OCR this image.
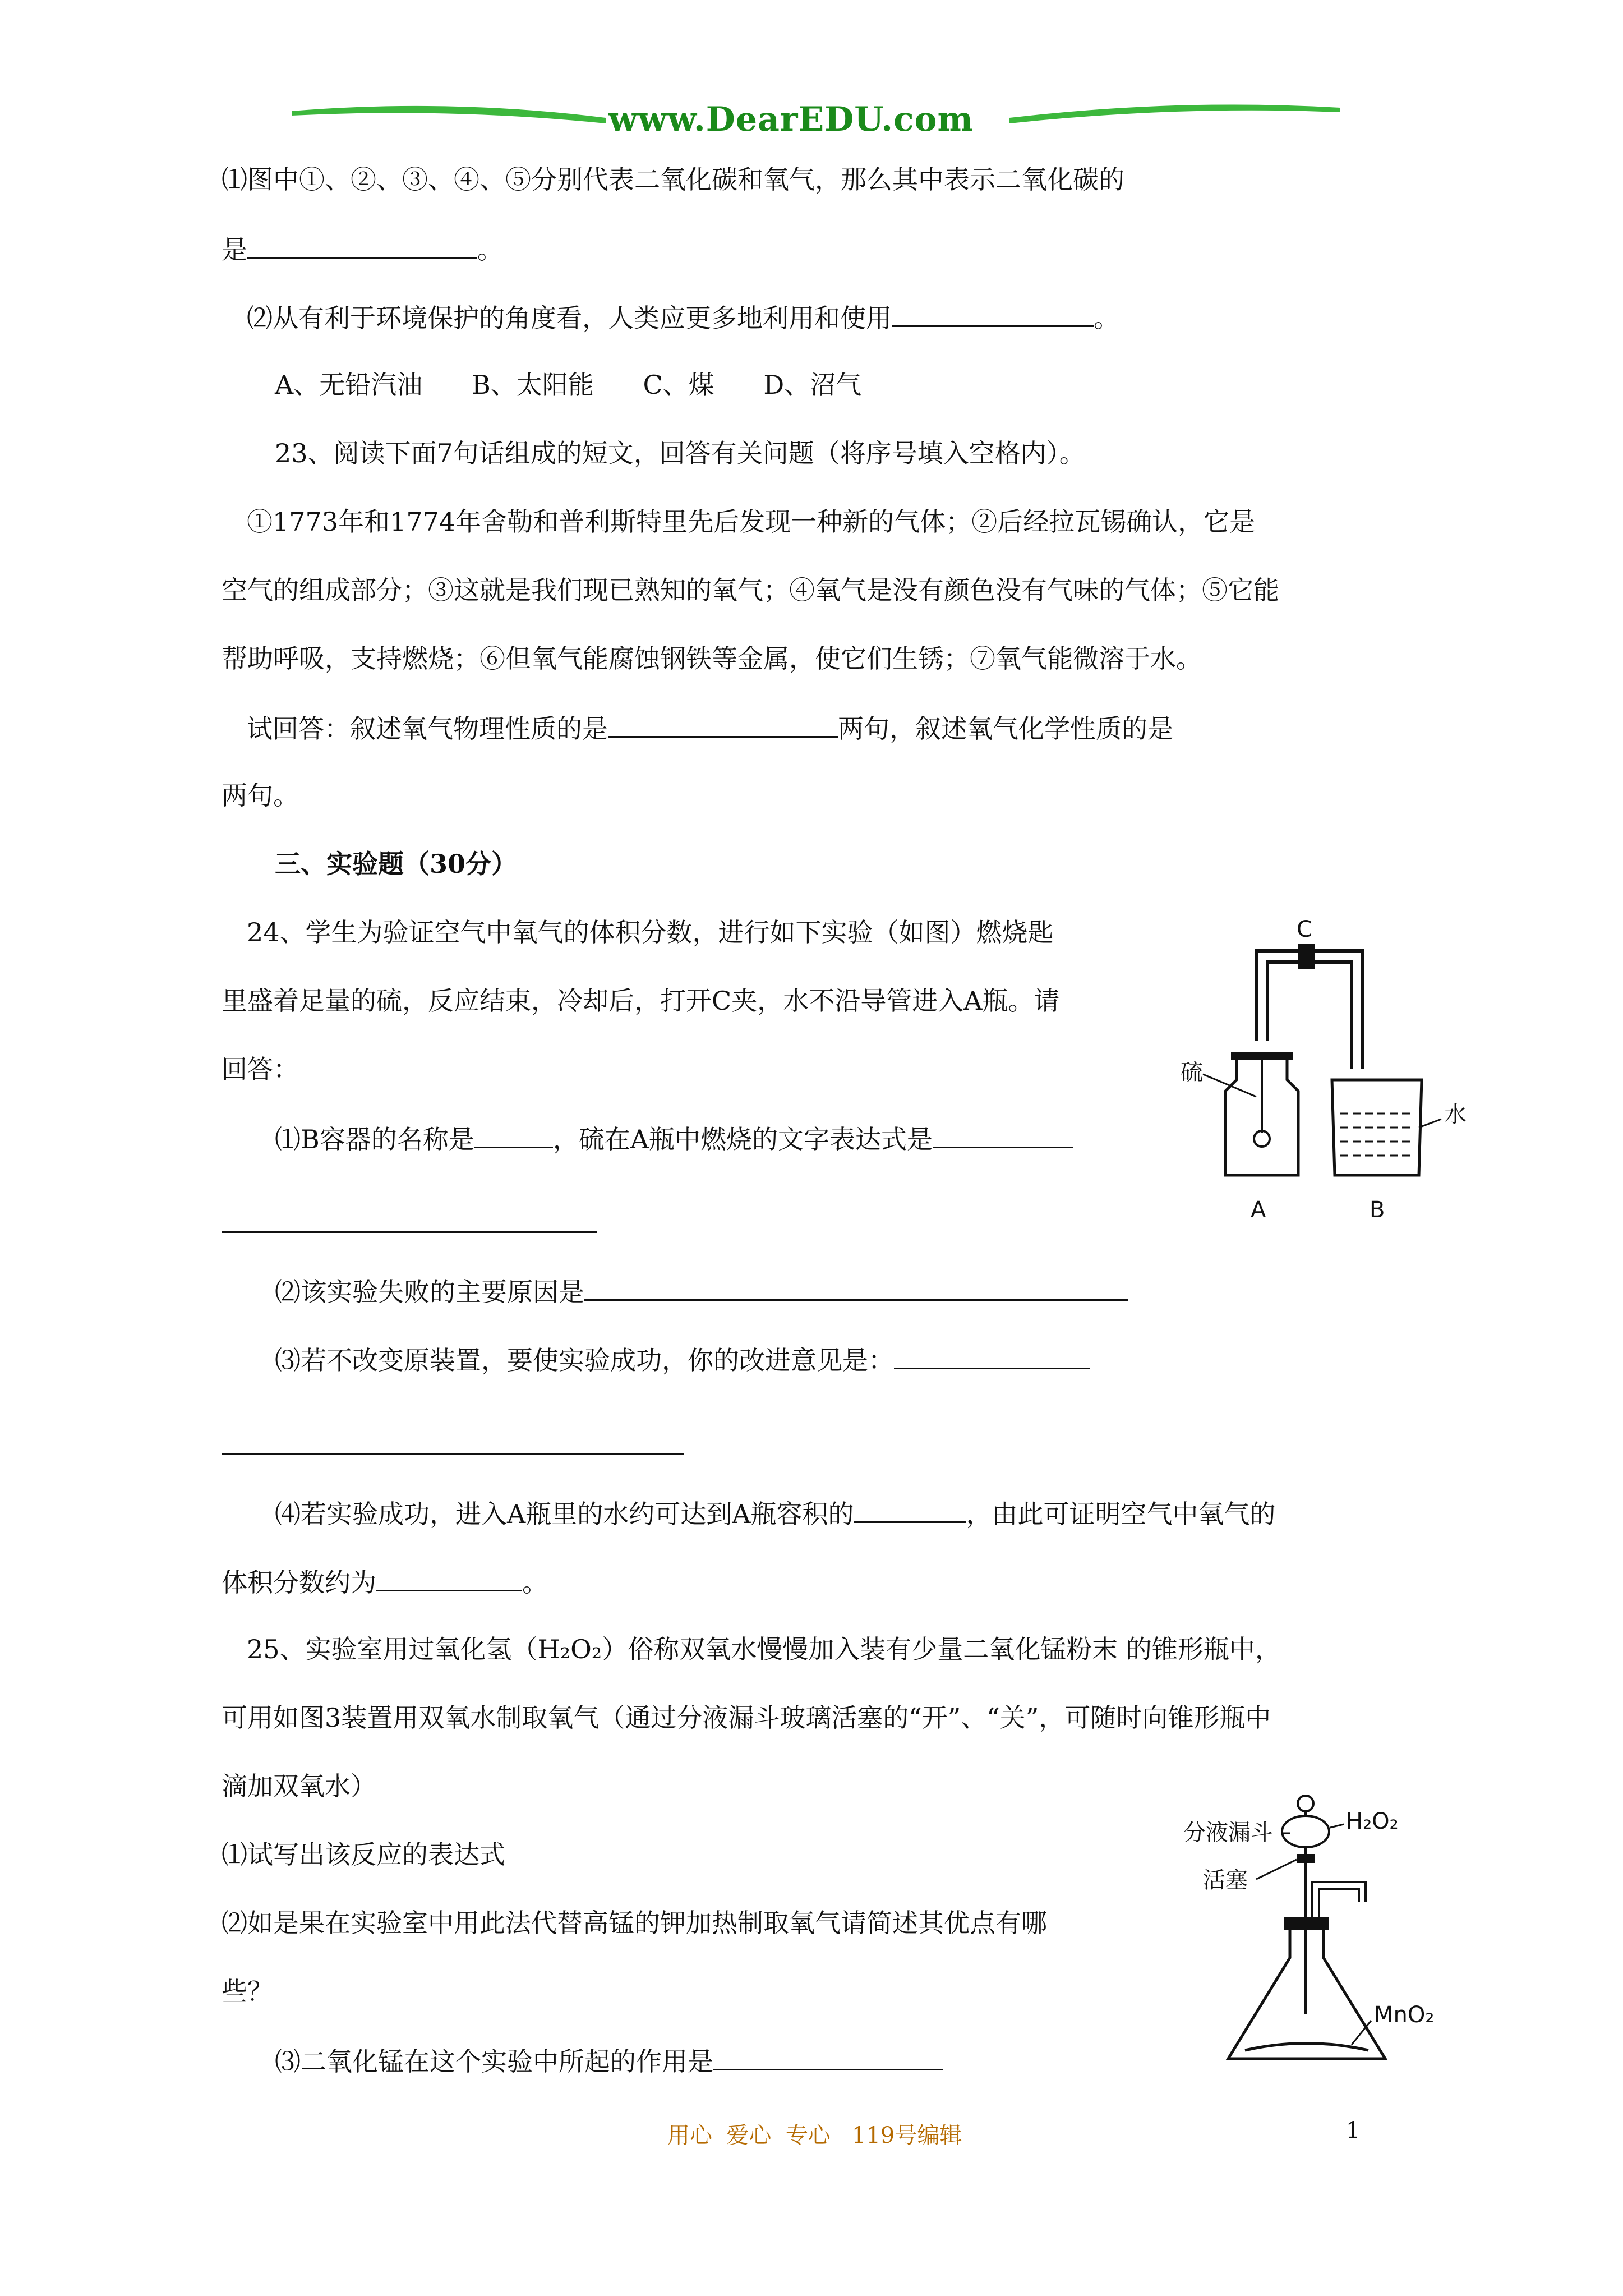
www.DearEDU.com
⑴图中①、②、③、④、⑤分别代表二氧化碳和氧气，那么其中表示二氧化碳的
是	。
⑵从有利于环境保护的角度看，人类应更多地利用和使用	。
A、无铅汽油      B、太阳能      C、煤      D、沼气
23、阅读下面7句话组成的短文，回答有关问题（将序号填入空格内）。
①1773年和1774年舍勒和普利斯特里先后发现一种新的气体；②后经拉瓦锡确认，它是
空气的组成部分；③这就是我们现已熟知的氧气；④氧气是没有颜色没有气味的气体；⑤它能
帮助呼吸，支持燃烧；⑥但氧气能腐蚀钢铁等金属，使它们生锈；⑦氧气能微溶于水。
试回答：叙述氧气物理性质的是	两句，叙述氧气化学性质的是
两句。
三、实验题（30分）
24、学生为验证空气中氧气的体积分数，进行如下实验（如图）燃烧匙
里盛着足量的硫，反应结束，冷却后，打开C夹，水不沿导管进入A瓶。请
回答：
⑴B容器的名称是	，硫在A瓶中燃烧的文字表达式是
⑵该实验失败的主要原因是
⑶若不改变原装置，要使实验成功，你的改进意见是：
⑷若实验成功，进入A瓶里的水约可达到A瓶容积的	，由此可证明空气中氧气的
体积分数约为	。
C
硫
A
水
B
25、实验室用过氧化氢（H₂O₂）俗称双氧水慢慢加入装有少量二氧化锰粉末 的锥形瓶中，
可用如图3装置用双氧水制取氧气（通过分液漏斗玻璃活塞的“开”、“关”，可随时向锥形瓶中
滴加双氧水）
⑴试写出该反应的表达式
⑵如是果在实验室中用此法代替高锰的钾加热制取氧气请简述其优点有哪
些？
⑶二氧化锰在这个实验中所起的作用是
分液漏斗	H₂O₂
活塞
MnO₂
用心  爱心  专心   119号编辑	1
